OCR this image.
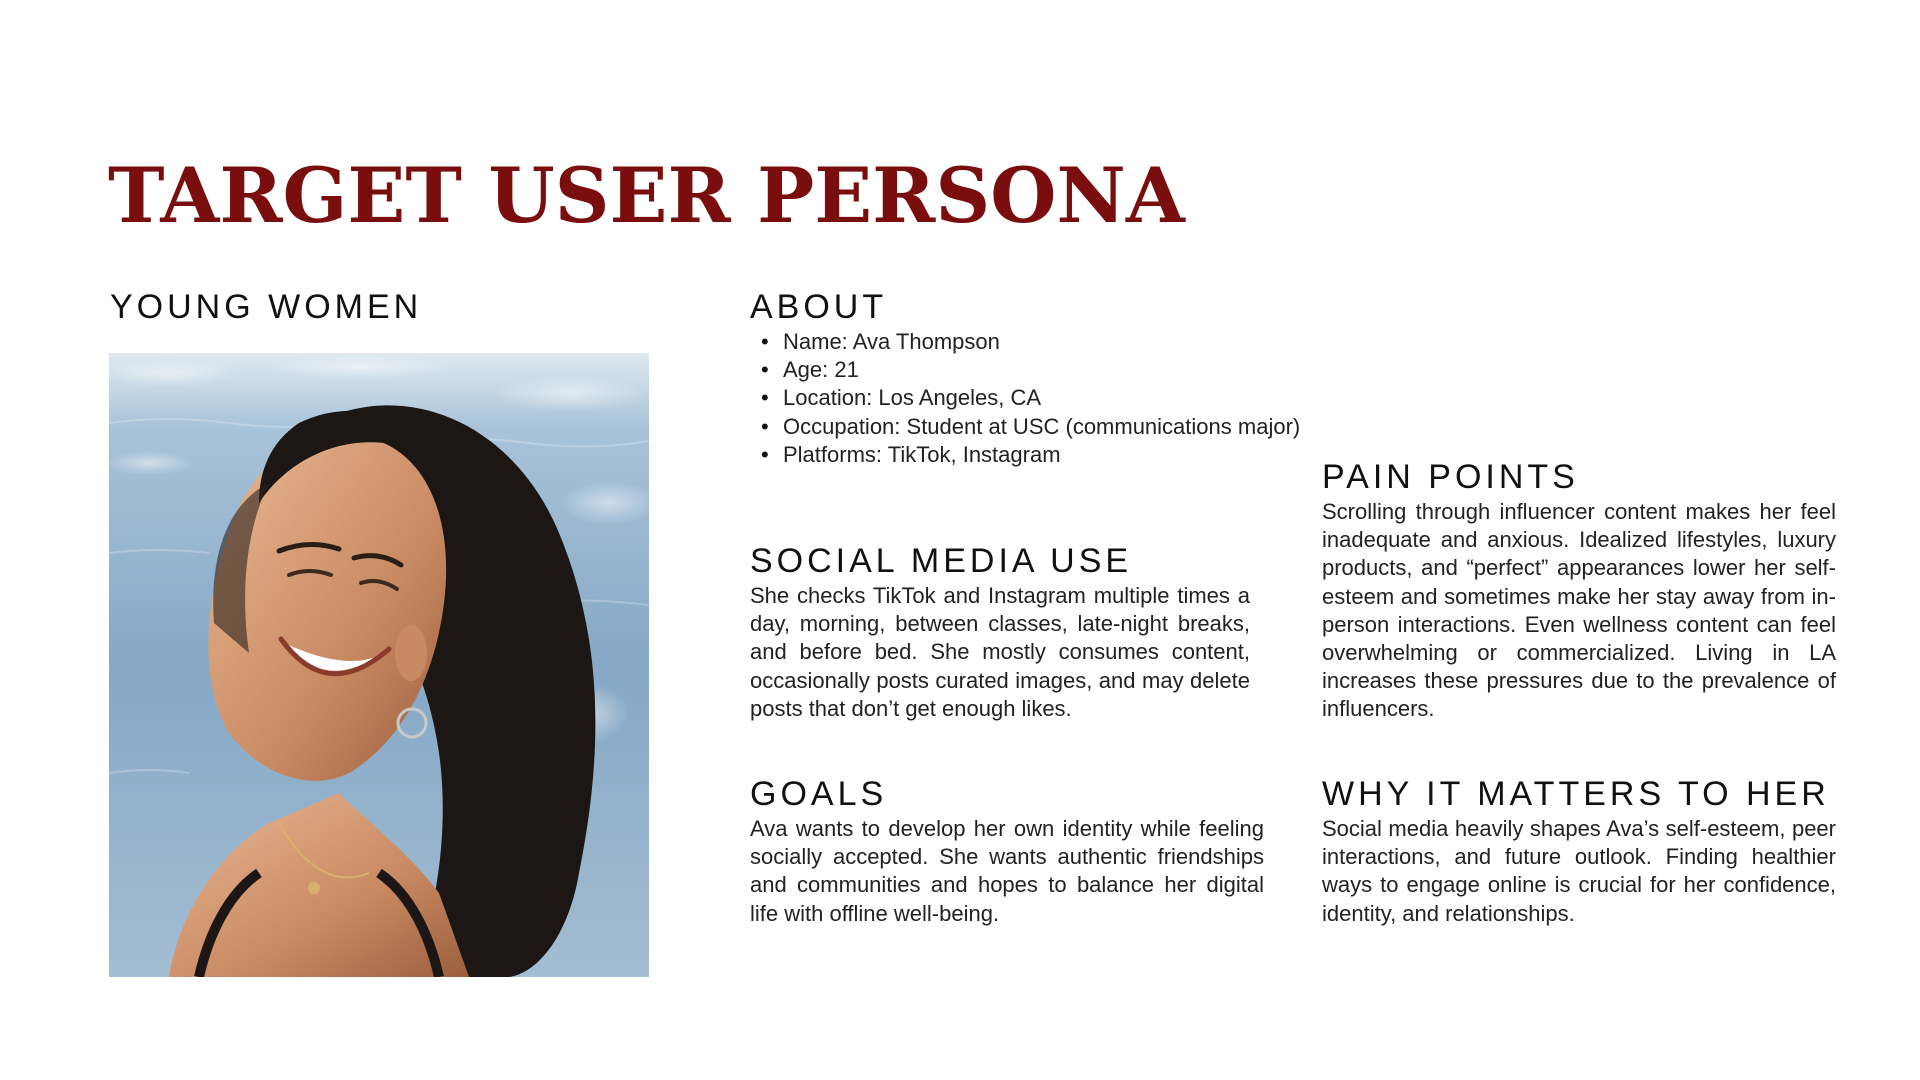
TARGET USER PERSONA
YOUNG WOMEN	ABOUT
• Name: Ava Thompson
• Age: 21
• Location: Los Angeles, CA
• Occupation: Student at USC (communications major)
• Platforms: TikTok, Instagram
SOCIAL MEDIA USE

She checks TikTok and Instagram multiple times a day, morning, between classes, late-night breaks, and before bed. She mostly consumes content, occasionally posts curated images, and may delete posts that don’t get enough likes.

GOALS

Ava wants to develop her own identity while feeling socially accepted. She wants authentic friendships and communities and hopes to balance her digital life with offline well-being.

PAIN POINTS

Scrolling through influencer content makes her feel inadequate and anxious. Idealized lifestyles, luxury products, and “perfect” appearances lower her self-esteem and sometimes make her stay away from in-person interactions. Even wellness content can feel overwhelming or commercialized. Living in LA increases these pressures due to the prevalence of influencers.

WHY IT MATTERS TO HER

Social media heavily shapes Ava’s self-esteem, peer interactions, and future outlook. Finding healthier ways to engage online is crucial for her confidence, identity, and relationships.
